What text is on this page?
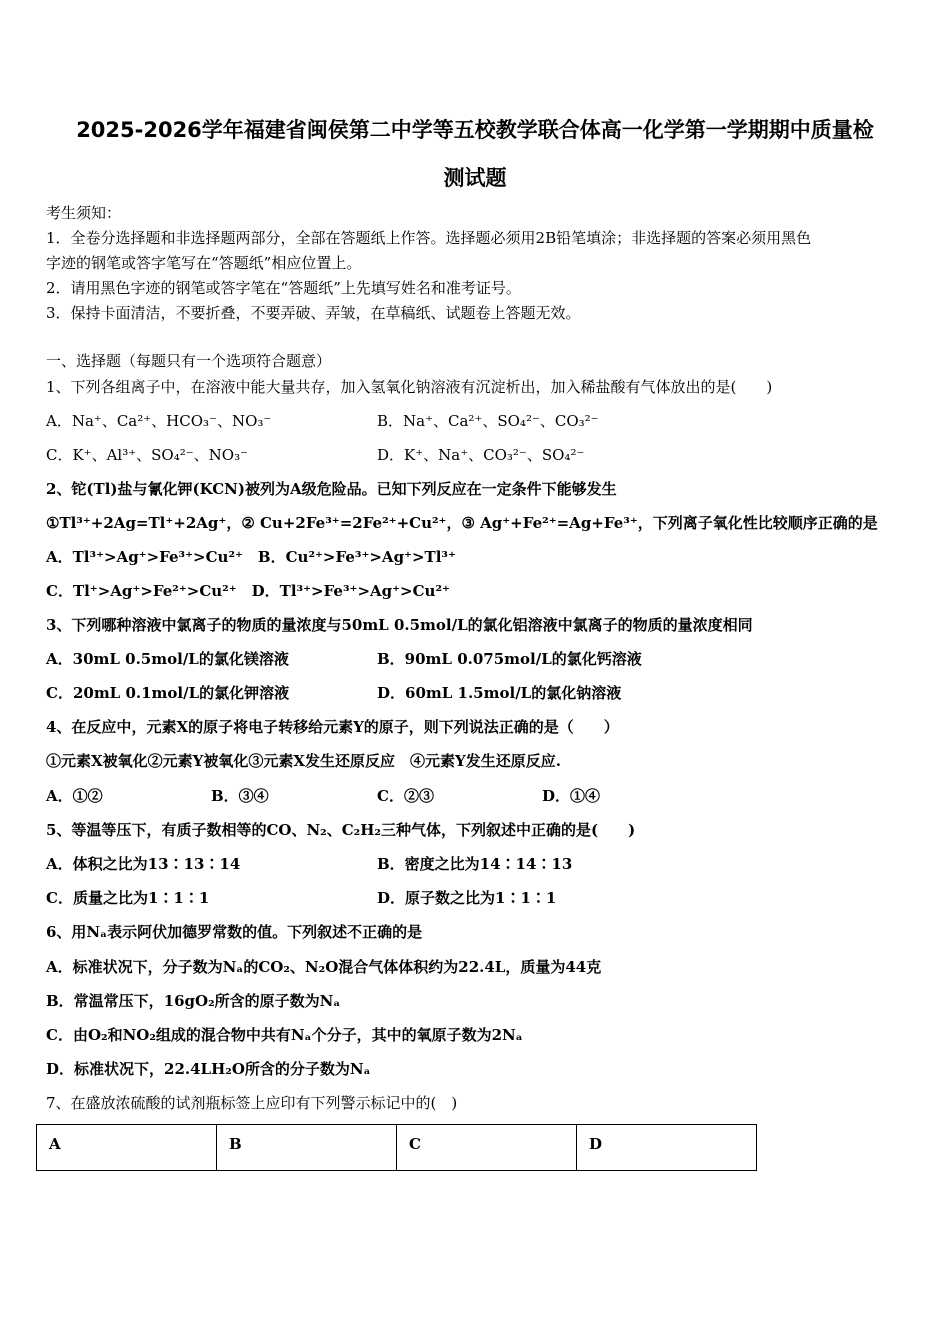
2025-2026学年福建省闽侯第二中学等五校教学联合体高一化学第一学期期中质量检
测试题
考生须知：
1．全卷分选择题和非选择题两部分，全部在答题纸上作答。选择题必须用2B铅笔填涂；非选择题的答案必须用黑色
字迹的钢笔或答字笔写在“答题纸”相应位置上。
2．请用黑色字迹的钢笔或答字笔在“答题纸”上先填写姓名和准考证号。
3．保持卡面清洁，不要折叠，不要弄破、弄皱，在草稿纸、试题卷上答题无效。
一、选择题（每题只有一个选项符合题意）
1、下列各组离子中，在溶液中能大量共存，加入氢氧化钠溶液有沉淀析出，加入稀盐酸有气体放出的是(　　)
A．Na⁺、Ca²⁺、HCO₃⁻、NO₃⁻	B．Na⁺、Ca²⁺、SO₄²⁻、CO₃²⁻
C．K⁺、Al³⁺、SO₄²⁻、NO₃⁻	D．K⁺、Na⁺、CO₃²⁻、SO₄²⁻
2、铊(Tl)盐与氰化钾(KCN)被列为A级危险品。已知下列反应在一定条件下能够发生
①Tl³⁺+2Ag=Tl⁺+2Ag⁺，② Cu+2Fe³⁺=2Fe²⁺+Cu²⁺，③ Ag⁺+Fe²⁺=Ag+Fe³⁺，下列离子氧化性比较顺序正确的是
A．Tl³⁺>Ag⁺>Fe³⁺>Cu²⁺　B．Cu²⁺>Fe³⁺>Ag⁺>Tl³⁺
C．Tl⁺>Ag⁺>Fe²⁺>Cu²⁺　D．Tl³⁺>Fe³⁺>Ag⁺>Cu²⁺
3、下列哪种溶液中氯离子的物质的量浓度与50mL 0.5mol/L的氯化铝溶液中氯离子的物质的量浓度相同
A．30mL 0.5mol/L的氯化镁溶液	B．90mL 0.075mol/L的氯化钙溶液
C．20mL 0.1mol/L的氯化钾溶液	D．60mL 1.5mol/L的氯化钠溶液
4、在反应中，元素X的原子将电子转移给元素Y的原子，则下列说法正确的是（　　）
①元素X被氧化②元素Y被氧化③元素X发生还原反应　④元素Y发生还原反应.
A．①②	B．③④	C．②③	D．①④
5、等温等压下，有质子数相等的CO、N₂、C₂H₂三种气体，下列叙述中正确的是(　　)
A．体积之比为13∶13∶14	B．密度之比为14∶14∶13
C．质量之比为1∶1∶1	D．原子数之比为1∶1∶1
6、用Nₐ表示阿伏加德罗常数的值。下列叙述不正确的是
A．标准状况下，分子数为Nₐ的CO₂、N₂O混合气体体积约为22.4L，质量为44克
B．常温常压下，16gO₂所含的原子数为Nₐ
C．由O₂和NO₂组成的混合物中共有Nₐ个分子，其中的氧原子数为2Nₐ
D．标准状况下，22.4LH₂O所含的分子数为Nₐ
7、在盛放浓硫酸的试剂瓶标签上应印有下列警示标记中的(　)
A	B	C	D
